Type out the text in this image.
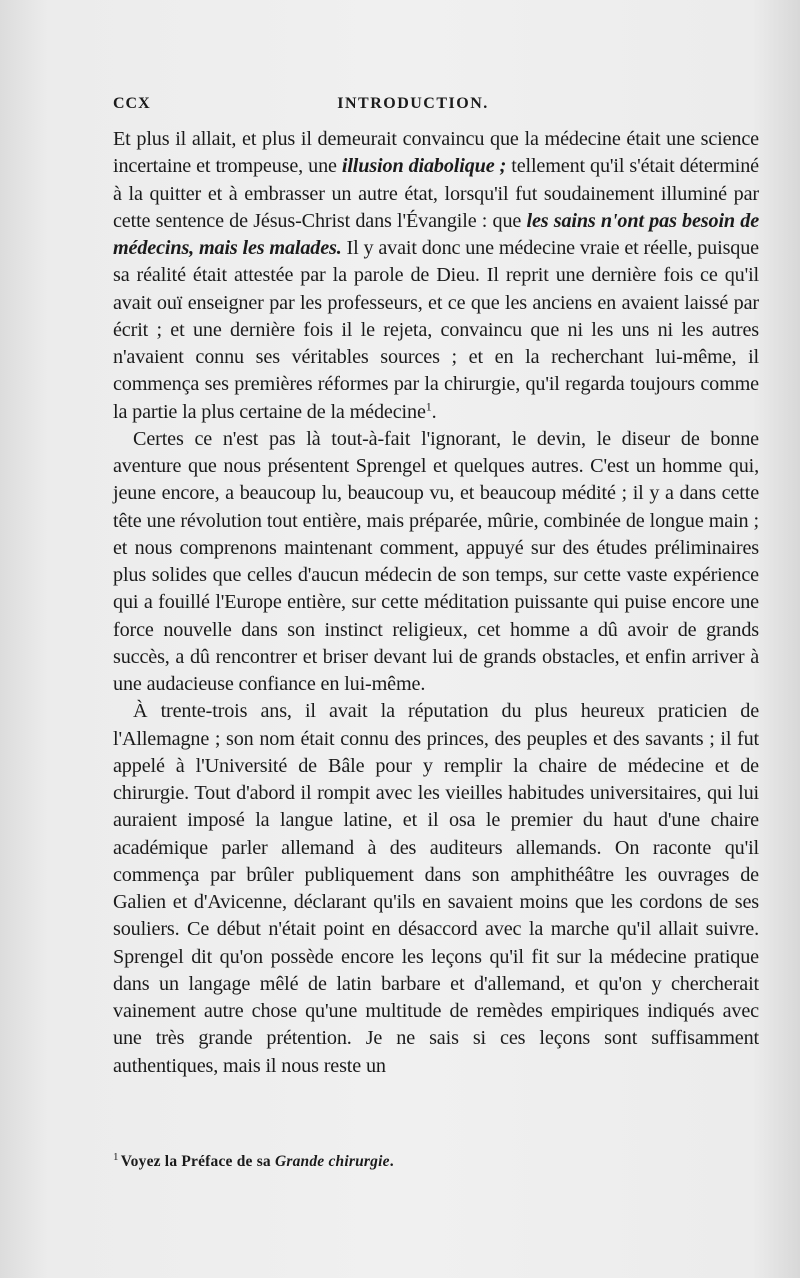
CCX	INTRODUCTION.

Et plus il allait, et plus il demeurait convaincu que la médecine était une science incertaine et trompeuse, une illusion diabolique ; tellement qu'il s'était déterminé à la quitter et à embrasser un autre état, lorsqu'il fut soudainement illuminé par cette sentence de Jésus-Christ dans l'Évangile : que les sains n'ont pas besoin de médecins, mais les malades. Il y avait donc une médecine vraie et réelle, puisque sa réalité était attestée par la parole de Dieu. Il reprit une dernière fois ce qu'il avait ouï enseigner par les professeurs, et ce que les anciens en avaient laissé par écrit ; et une dernière fois il le rejeta, convaincu que ni les uns ni les autres n'avaient connu ses véritables sources ; et en la recherchant lui-même, il commença ses premières réformes par la chirurgie, qu'il regarda toujours comme la partie la plus certaine de la médecine$^1$.

Certes ce n'est pas là tout-à-fait l'ignorant, le devin, le diseur de bonne aventure que nous présentent Sprengel et quelques autres. C'est un homme qui, jeune encore, a beaucoup lu, beaucoup vu, et beaucoup médité ; il y a dans cette tête une révolution tout entière, mais préparée, mûrie, combinée de longue main ; et nous comprenons maintenant comment, appuyé sur des études préliminaires plus solides que celles d'aucun médecin de son temps, sur cette vaste expérience qui a fouillé l'Europe entière, sur cette méditation puissante qui puise encore une force nouvelle dans son instinct religieux, cet homme a dû avoir de grands succès, a dû rencontrer et briser devant lui de grands obstacles, et enfin arriver à une audacieuse confiance en lui-même.

À trente-trois ans, il avait la réputation du plus heureux praticien de l'Allemagne ; son nom était connu des princes, des peuples et des savants ; il fut appelé à l'Université de Bâle pour y remplir la chaire de médecine et de chirurgie. Tout d'abord il rompit avec les vieilles habitudes universitaires, qui lui auraient imposé la langue latine, et il osa le premier du haut d'une chaire académique parler allemand à des auditeurs allemands. On raconte qu'il commença par brûler publiquement dans son amphithéâtre les ouvrages de Galien et d'Avicenne, déclarant qu'ils en savaient moins que les cordons de ses souliers. Ce début n'était point en désaccord avec la marche qu'il allait suivre. Sprengel dit qu'on possède encore les leçons qu'il fit sur la médecine pratique dans un langage mêlé de latin barbare et d'allemand, et qu'on y chercherait vainement autre chose qu'une multitude de remèdes empiriques indiqués avec une très grande prétention. Je ne sais si ces leçons sont suffisamment authentiques, mais il nous reste un

$^1$ Voyez la Préface de sa Grande chirurgie.
